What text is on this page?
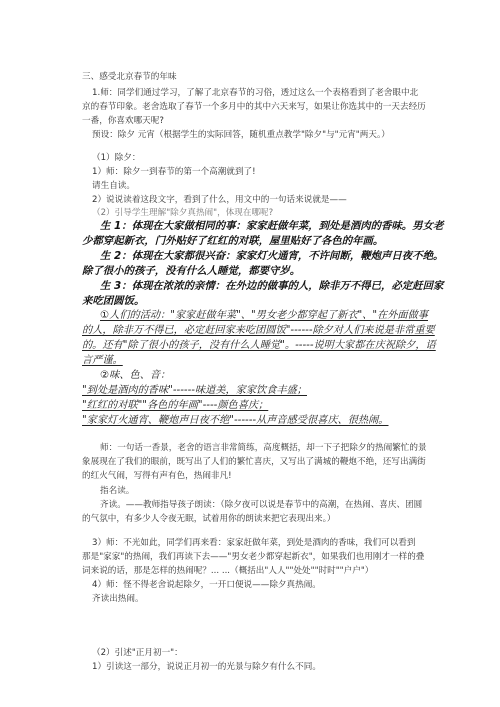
三、感受北京春节的年味
1.师：同学们通过学习，了解了北京春节的习俗，透过这么一个表格看到了老舍眼中北
京的春节印象。老舍选取了春节一个多月中的其中六天来写，如果让你选其中的一天去经历
一番，你喜欢哪天呢?
预设：除夕 元宵（根据学生的实际回答，随机重点教学"除夕"与"元宵"两天。）
（1）除夕：
1）师：除夕一到春节的第一个高潮就到了!
请生自读。
2）说说读着这段文字，看到了什么，用文中的一句话来说就是——
（2）引导学生理解"除夕真热闹"，体现在哪呢?
生 1：体现在大家做相同的事：家家赶做年菜，到处是酒肉的香味。男女老
少都穿起新衣，门外贴好了红红的对联，屋里贴好了各色的年画。
生 2：体现在大家都很兴奋：家家灯火通宵，不许间断，鞭炮声日夜不绝。
除了很小的孩子，没有什么人睡觉，都要守岁。
生 3：体现在浓浓的亲情：在外边的做事的人，除非万不得已，必定赶回家
来吃团圆饭。
①人们的活动："家家赶做年菜"、"男女老少都穿起了新衣"、"在外面做事
的人，除非万不得已，必定赶回家来吃团圆饭"------除夕对人们来说是非常重要
的。还有"除了很小的孩子，没有什么人睡觉"。-----说明大家都在庆祝除夕，语
言严谨。
②味、色、音：
"到处是酒肉的香味"------味道美，家家饮食丰盛；
"红红的对联""各色的年画"----颜色喜庆；
"家家灯火通宵、鞭炮声日夜不绝"------从声音感受很喜庆、很热闹。
师：一句话一香景，老舍的语言非常简练，高度概括，却一下子把除夕的热闹繁忙的景
象展现在了我们的眼前，既写出了人们的繁忙喜庆，又写出了满城的鞭炮不绝，还写出满街
的红火气闹，写得有声有色，热闹非凡!
指名读。
齐读。——教师指导孩子朗读：（除夕夜可以说是春节中的高潮，在热闹、喜庆、团圆
的气氛中，有多少人令夜无眠，试着用你的朗读来把它表现出来。）
3）师：不光如此，同学们再来看：家家赶做年菜，到处是酒肉的香味，我们可以看到
那是"家家"的热闹，我们再读下去——"男女老少都穿起新衣"，如果我们也用刚才一样的叠
词来说的话，那是怎样的热闹呢？... ...（概括出"人人""处处""时时""户户"）
4）师：怪不得老舍说起除夕，一开口便说——除夕真热闹。
齐读出热闹。
（2）引述"正月初一"：
1）引读这一部分，说说正月初一的光景与除夕有什么不同。
